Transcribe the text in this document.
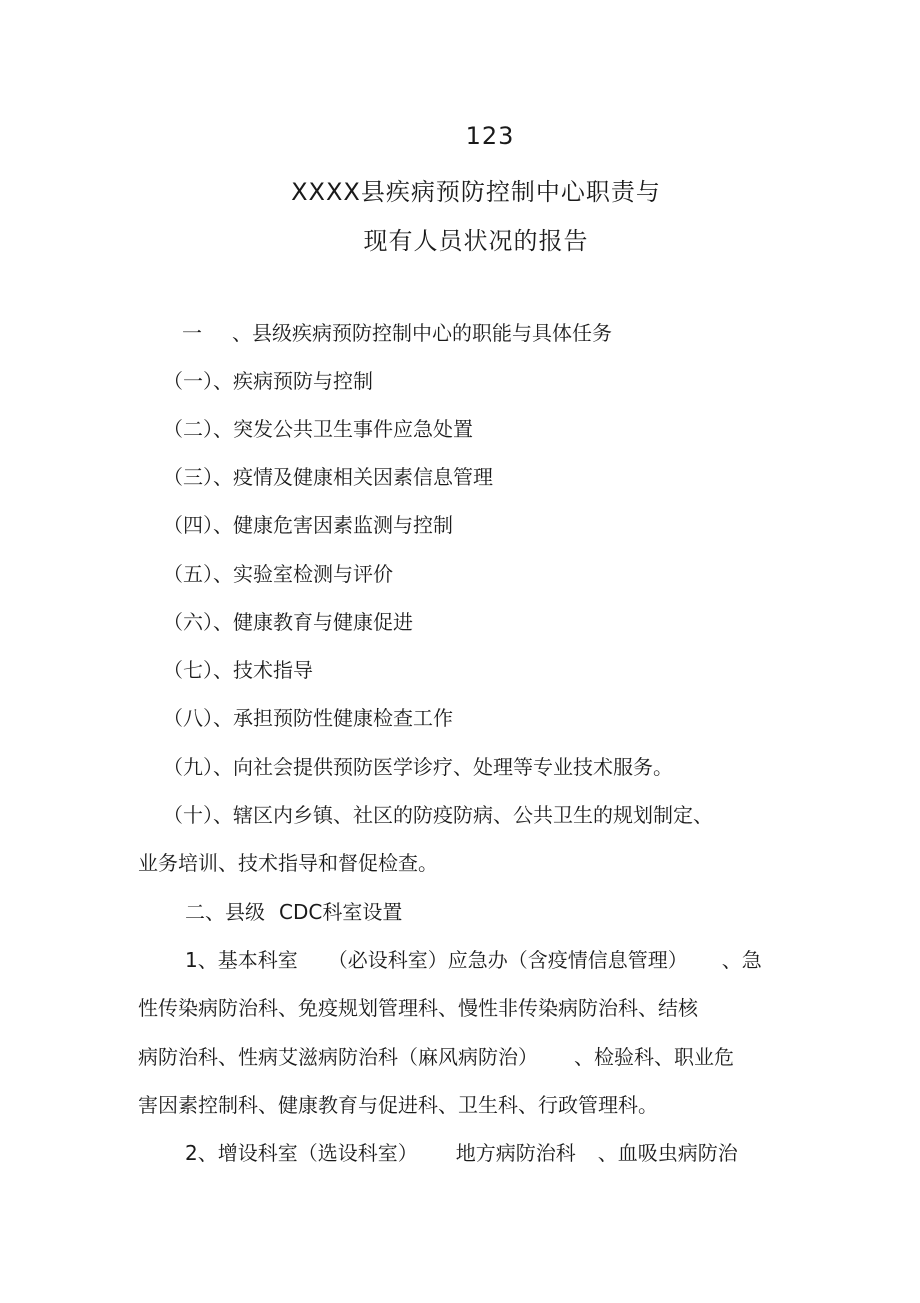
123
XXXX县疾病预防控制中心职责与
现有人员状况的报告
一 、县级疾病预防控制中心的职能与具体任务
（一）、疾病预防与控制
（二）、突发公共卫生事件应急处置
（三）、疫情及健康相关因素信息管理
（四）、健康危害因素监测与控制
（五）、实验室检测与评价
（六）、健康教育与健康促进
（七）、技术指导
（八）、承担预防性健康检查工作
（九）、向社会提供预防医学诊疗、处理等专业技术服务。
（十）、辖区内乡镇、社区的防疫防病、公共卫生的规划制定、
业务培训、技术指导和督促检查。
二、县级 CDC科室设置
1、基本科室 （必设科室）应急办（含疫情信息管理） 、急
性传染病防治科、免疫规划管理科、慢性非传染病防治科、结核
病防治科、性病艾滋病防治科（麻风病防治） 、检验科、职业危
害因素控制科、健康教育与促进科、卫生科、行政管理科。
2、增设科室（选设科室） 地方病防治科 、血吸虫病防治
